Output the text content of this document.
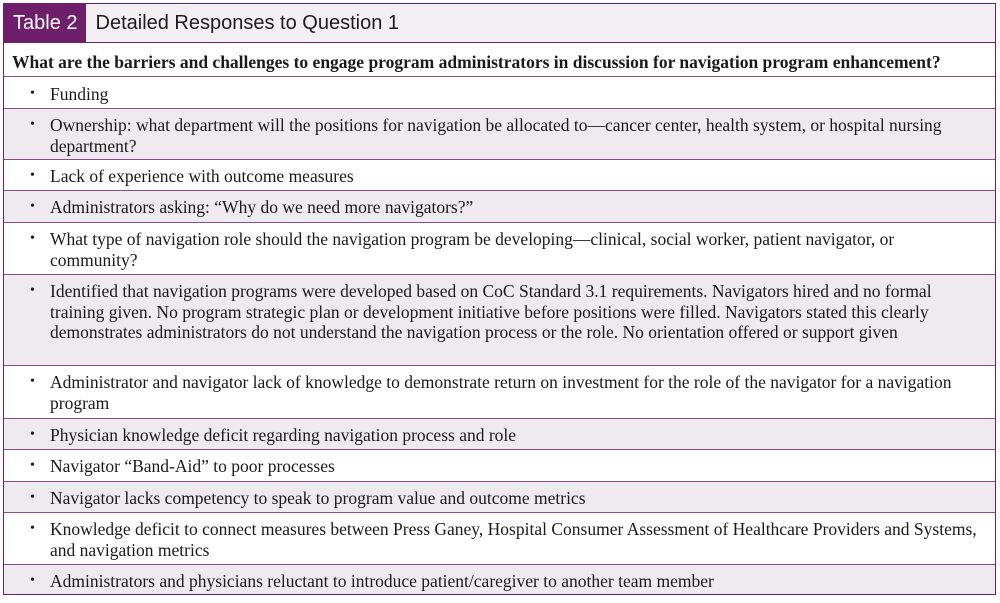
Table 2 Detailed Responses to Question 1
What are the barriers and challenges to engage program administrators in discussion for navigation program enhancement?
• Funding
• Ownership: what department will the positions for navigation be allocated to—cancer center, health system, or hospital nursing department?
• Lack of experience with outcome measures
• Administrators asking: “Why do we need more navigators?”
• What type of navigation role should the navigation program be developing—clinical, social worker, patient navigator, or community?
• Identified that navigation programs were developed based on CoC Standard 3.1 requirements. Navigators hired and no formal training given. No program strategic plan or development initiative before positions were filled. Navigators stated this clearly demonstrates administrators do not understand the navigation process or the role. No orientation offered or support given
• Administrator and navigator lack of knowledge to demonstrate return on investment for the role of the navigator for a navigation program
• Physician knowledge deficit regarding navigation process and role
• Navigator “Band-Aid” to poor processes
• Navigator lacks competency to speak to program value and outcome metrics
• Knowledge deficit to connect measures between Press Ganey, Hospital Consumer Assessment of Healthcare Providers and Systems, and navigation metrics
• Administrators and physicians reluctant to introduce patient/caregiver to another team member
